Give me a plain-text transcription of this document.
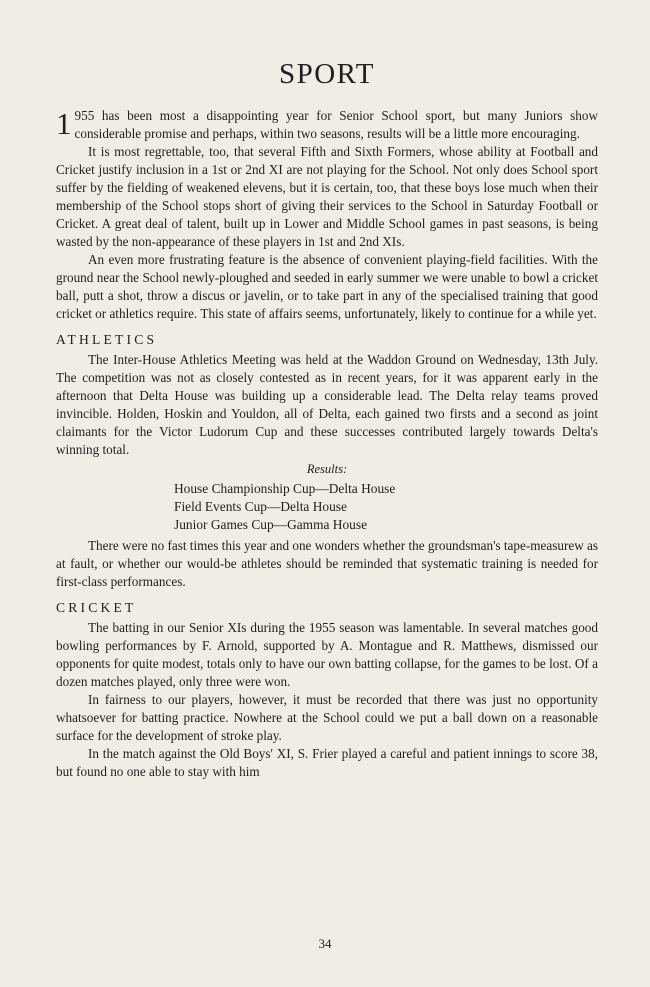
SPORT

1 955 has been most a disappointing year for Senior School sport, but many Juniors show considerable promise and perhaps, within two seasons, results will be a little more encouraging.

It is most regrettable, too, that several Fifth and Sixth Formers, whose ability at Football and Cricket justify inclusion in a 1st or 2nd XI are not playing for the School. Not only does School sport suffer by the fielding of weakened elevens, but it is certain, too, that these boys lose much when their membership of the School stops short of giving their services to the School in Saturday Football or Cricket. A great deal of talent, built up in Lower and Middle School games in past seasons, is being wasted by the non-appearance of these players in 1st and 2nd XIs.

An even more frustrating feature is the absence of convenient playing-field facilities. With the ground near the School newly-ploughed and seeded in early summer we were unable to bowl a cricket ball, putt a shot, throw a discus or javelin, or to take part in any of the specialised training that good cricket or athletics require. This state of affairs seems, unfortunately, likely to continue for a while yet.

ATHLETICS

The Inter-House Athletics Meeting was held at the Waddon Ground on Wednesday, 13th July. The competition was not as closely contested as in recent years, for it was apparent early in the afternoon that Delta House was building up a considerable lead. The Delta relay teams proved invincible. Holden, Hoskin and Youldon, all of Delta, each gained two firsts and a second as joint claimants for the Victor Ludorum Cup and these successes contributed largely towards Delta's winning total.

Results:
House Championship Cup—Delta House
Field Events Cup—Delta House
Junior Games Cup—Gamma House

There were no fast times this year and one wonders whether the groundsman's tape-measurew as at fault, or whether our would-be athletes should be reminded that systematic training is needed for first-class performances.

CRICKET

The batting in our Senior XIs during the 1955 season was lamentable. In several matches good bowling performances by F. Arnold, supported by A. Montague and R. Matthews, dismissed our opponents for quite modest, totals only to have our own batting collapse, for the games to be lost. Of a dozen matches played, only three were won.

In fairness to our players, however, it must be recorded that there was just no opportunity whatsoever for batting practice. Nowhere at the School could we put a ball down on a reasonable surface for the development of stroke play.

In the match against the Old Boys' XI, S. Frier played a careful and patient innings to score 38, but found no one able to stay with him

34
